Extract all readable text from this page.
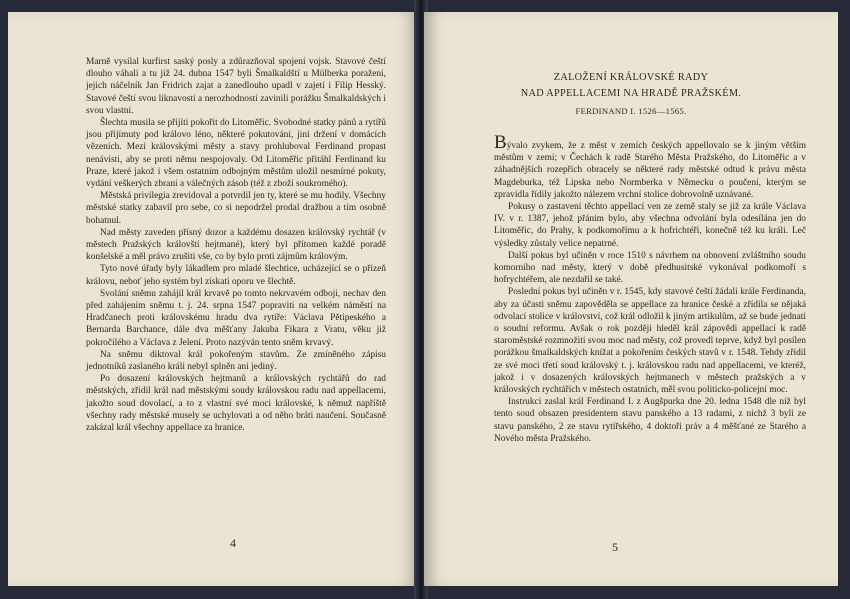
Marně vysílal kurfirst saský posly a zdůrazňoval spojení vojsk. Stavové čeští dlouho váhali a tu již 24. dubna 1547 byli Šmalkaldští u Mülberka poraženi, jejich náčelník Jan Fridrich zajat a zanedlouho upadl v zajetí i Filip Hesský. Stavové čeští svou liknavostí a nerozhodností zavinili porážku Šmalkaldských i svou vlastní.

Šlechta musila se přijíti pokořit do Litoměřic. Svobodné statky pánů a rytířů jsou přijímuty pod královo léno, některé pokutování, jiní držení v domácích vězeních. Mezi královskými městy a stavy prohluboval Ferdinand propast nenávisti, aby se proti němu nespojovaly. Od Litoměřic přitáhl Ferdinand ku Praze, které jakož i všem ostatním odbojným městům uložil nesmírné pokuty, vydání veškerých zbraní a válečných zásob (též z zboží soukromého).

Městská privilegia zrevidoval a potvrdil jen ty, které se mu hodily. Všechny městské statky zabavil pro sebe, co si nepodržel prodal dražbou a tím osobně bohatnul.

Nad městy zaveden přísný dozor a každému dosazen královský rychtář (v městech Pražských královští hejtmané), který byl přítomen každé poradě konšelské a měl právo zrušiti vše, co by bylo proti zájmům královým.

Tyto nové úřady byly lákadlem pro mladé šlechtice, ucházející se o přízeň královu, neboť jeho systém byl získati oporu ve šlechtě.

Svolání sněmu zahájil král krvavě po tomto nekrvavém odboji, nechav den před zahájením sněmu t. j. 24. srpna 1547 popraviti na velkém náměstí na Hradčanech proti královskému hradu dva rytíře: Václava Pětipeského a Bernarda Barchance, dále dva měšťany Jakuba Fikara z Vratu, věku již pokročilého a Václava z Jelení. Proto nazýván tento sněm krvavý.

Na sněmu diktoval král pokořeným stavům. Ze zmíněného zápisu jednotníků zaslaného králi nebyl splněn ani jediný.

Po dosazení královských hejtmanů a královských rychtářů do rad městských, zřídil král nad městskými soudy královskou radu nad appellacemi, jakožto soud dovolací, a to z vlastní své moci královské, k němuž napříště všechny rady městské musely se uchylovati a od něho bráti naučení. Současně zakázal král všechny appellace za hranice.

4
ZALOŽENÍ KRÁLOVSKÉ RADY
NAD APPELLACEMI NA HRADĚ PRAŽSKÉM.
FERDINAND I. 1526—1565.

Bývalo zvykem, že z měst v zemích českých appellovalo se k jiným větším městům v zemi; v Čechách k radě Starého Města Pražského, do Litoměřic a v záhadnějších rozepřích obracely se některé rady městské odtud k právu města Magdeburka, též Lipska nebo Normberka v Německu o poučení, kterým se zpravidla řídily jakožto nálezem vrchní stolice dobrovolně uznávané.

Pokusy o zastavení těchto appellací ven ze země staly se již za krále Václava IV. v r. 1387, jehož přáním bylo, aby všechna odvolání byla odesílána jen do Litoměřic, do Prahy, k podkomořímu a k hofrichtéři, konečně též ku králi. Leč výsledky zůstaly velice nepatrné.

Další pokus byl učiněn v roce 1510 s návrhem na obnovení zvláštního soudu komorního nad městy, který v době předhusitské vykonával podkomoří s hofrychtéřem, ale nezdařil se také.

Poslední pokus byl učiněn v r. 1545, kdy stavové čeští žádali krále Ferdinanda, aby za účasti sněmu zapověděla se appellace za hranice české a zřídila se nějaká odvolací stolice v království, což král odložil k jiným artikulům, až se bude jednati o soudní reformu. Avšak o rok později hleděl král zápovědi appellací k radě staroměstské rozmnožiti svou moc nad městy, což provedl teprve, když byl posílen porážkou šmalkaldských knížat a pokořením českých stavů v r. 1548. Tehdy zřídil ze své moci třetí soud královský t. j. královskou radu nad appellacemi, ve kteréž, jakož i v dosazených královských hejtmanech v městech pražských a v královských rychtářích v městech ostatních, měl svou politicko-policejní moc.

Instrukci zaslal král Ferdinand I. z Augšpurka dne 20. ledna 1548 dle níž byl tento soud obsazen presidentem stavu panského a 13 radami, z nichž 3 byli ze stavu panského, 2 ze stavu rytířského, 4 doktoři práv a 4 měšťané ze Starého a Nového města Pražského.

5
